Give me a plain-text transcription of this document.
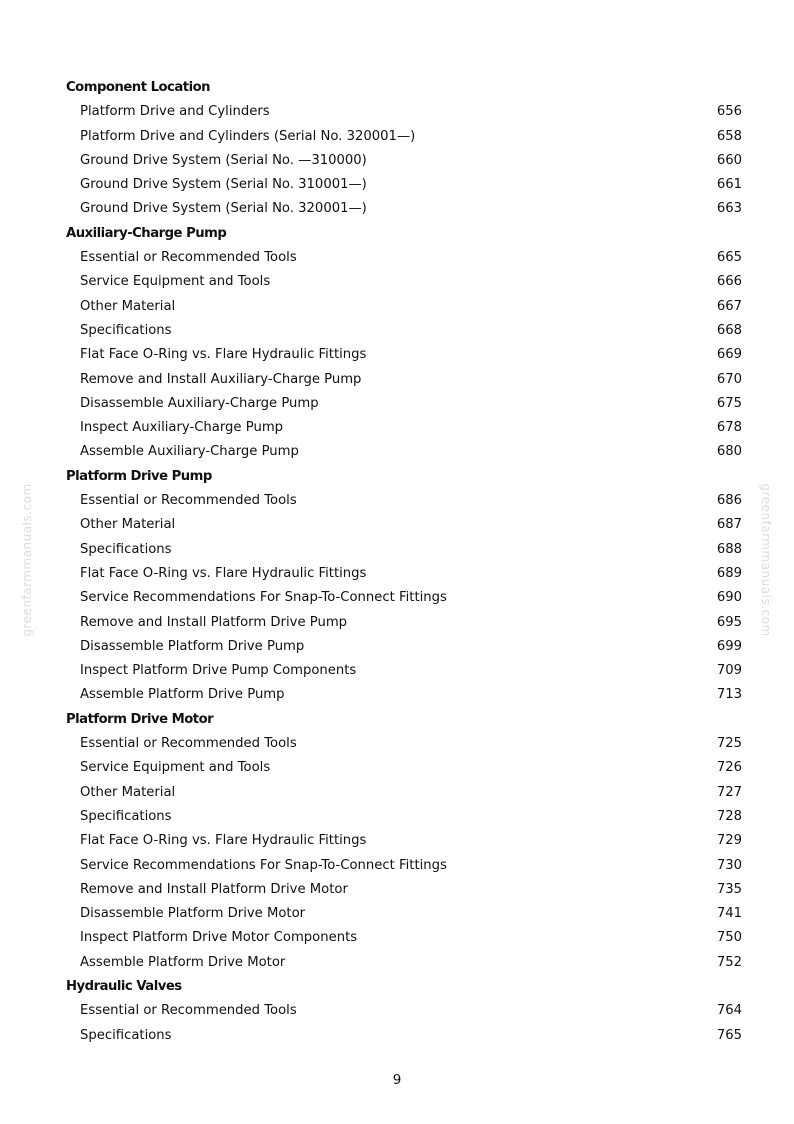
greenfarmmanuals.com	greenfarmmanuals.com
Component Location
Platform Drive and Cylinders	656
Platform Drive and Cylinders (Serial No. 320001—)	658
Ground Drive System (Serial No. —310000)	660
Ground Drive System (Serial No. 310001—)	661
Ground Drive System (Serial No. 320001—)	663
Auxiliary-Charge Pump
Essential or Recommended Tools	665
Service Equipment and Tools	666
Other Material	667
Specifications	668
Flat Face O-Ring vs. Flare Hydraulic Fittings	669
Remove and Install Auxiliary-Charge Pump	670
Disassemble Auxiliary-Charge Pump	675
Inspect Auxiliary-Charge Pump	678
Assemble Auxiliary-Charge Pump	680
Platform Drive Pump
Essential or Recommended Tools	686
Other Material	687
Specifications	688
Flat Face O-Ring vs. Flare Hydraulic Fittings	689
Service Recommendations For Snap-To-Connect Fittings	690
Remove and Install Platform Drive Pump	695
Disassemble Platform Drive Pump	699
Inspect Platform Drive Pump Components	709
Assemble Platform Drive Pump	713
Platform Drive Motor
Essential or Recommended Tools	725
Service Equipment and Tools	726
Other Material	727
Specifications	728
Flat Face O-Ring vs. Flare Hydraulic Fittings	729
Service Recommendations For Snap-To-Connect Fittings	730
Remove and Install Platform Drive Motor	735
Disassemble Platform Drive Motor	741
Inspect Platform Drive Motor Components	750
Assemble Platform Drive Motor	752
Hydraulic Valves
Essential or Recommended Tools	764
Specifications	765
9
